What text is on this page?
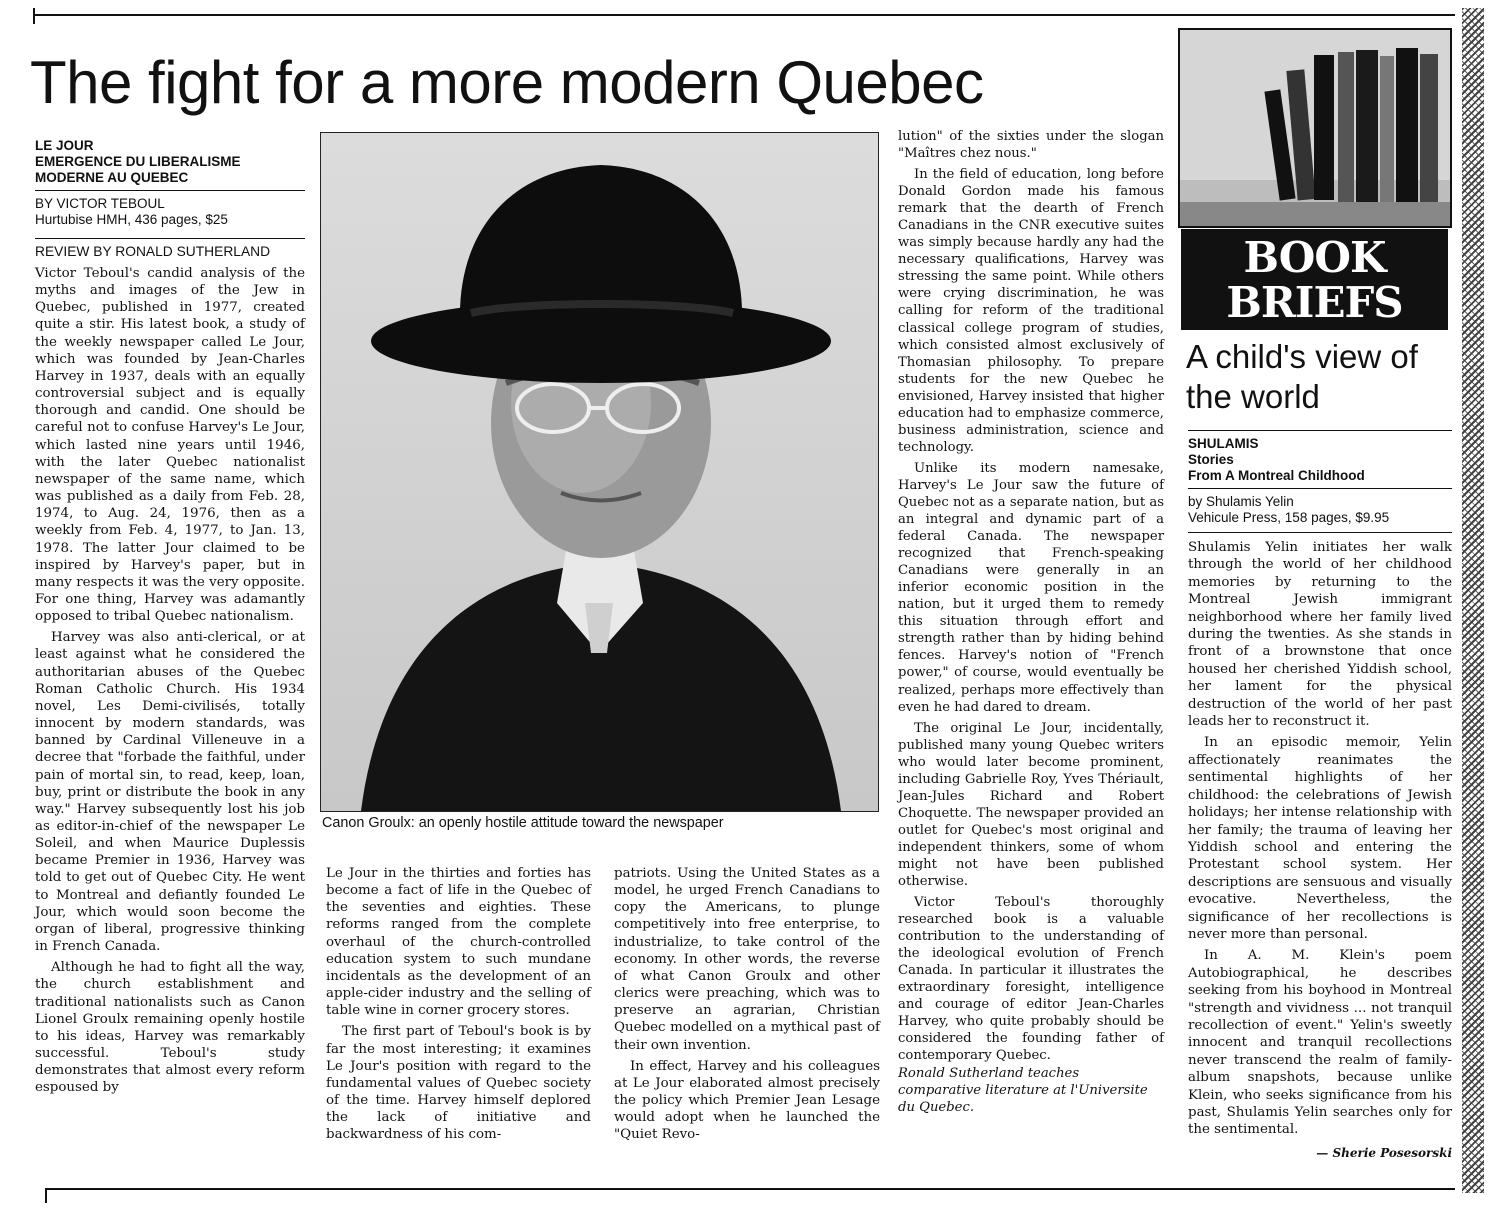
The fight for a more modern Quebec
LE JOUR
EMERGENCE DU LIBERALISME
MODERNE AU QUEBEC
BY VICTOR TEBOUL
Hurtubise HMH, 436 pages, $25
REVIEW BY RONALD SUTHERLAND

Victor Teboul's candid analysis of the myths and images of the Jew in Quebec, published in 1977, created quite a stir. His latest book, a study of the weekly newspaper called Le Jour, which was founded by Jean-Charles Harvey in 1937, deals with an equally controversial subject and is equally thorough and candid. One should be careful not to confuse Harvey's Le Jour, which lasted nine years until 1946, with the later Quebec nationalist newspaper of the same name, which was published as a daily from Feb. 28, 1974, to Aug. 24, 1976, then as a weekly from Feb. 4, 1977, to Jan. 13, 1978. The latter Jour claimed to be inspired by Harvey's paper, but in many respects it was the very opposite. For one thing, Harvey was adamantly opposed to tribal Quebec nationalism.

Harvey was also anti-clerical, or at least against what he considered the authoritarian abuses of the Quebec Roman Catholic Church. His 1934 novel, Les Demi-civilisés, totally innocent by modern standards, was banned by Cardinal Villeneuve in a decree that "forbade the faithful, under pain of mortal sin, to read, keep, loan, buy, print or distribute the book in any way." Harvey subsequently lost his job as editor-in-chief of the newspaper Le Soleil, and when Maurice Duplessis became Premier in 1936, Harvey was told to get out of Quebec City. He went to Montreal and defiantly founded Le Jour, which would soon become the organ of liberal, progressive thinking in French Canada.

Although he had to fight all the way, the church establishment and traditional nationalists such as Canon Lionel Groulx remaining openly hostile to his ideas, Harvey was remarkably successful. Teboul's study demonstrates that almost every reform espoused by

Canon Groulx: an openly hostile attitude toward the newspaper

Le Jour in the thirties and forties has become a fact of life in the Quebec of the seventies and eighties. These reforms ranged from the complete overhaul of the church-controlled education system to such mundane incidentals as the development of an apple-cider industry and the selling of table wine in corner grocery stores.

The first part of Teboul's book is by far the most interesting; it examines Le Jour's position with regard to the fundamental values of Quebec society of the time. Harvey himself deplored the lack of initiative and backwardness of his com-

patriots. Using the United States as a model, he urged French Canadians to copy the Americans, to plunge competitively into free enterprise, to industrialize, to take control of the economy. In other words, the reverse of what Canon Groulx and other clerics were preaching, which was to preserve an agrarian, Christian Quebec modelled on a mythical past of their own invention.

In effect, Harvey and his colleagues at Le Jour elaborated almost precisely the policy which Premier Jean Lesage would adopt when he launched the "Quiet Revo-

lution" of the sixties under the slogan "Maîtres chez nous."

In the field of education, long before Donald Gordon made his famous remark that the dearth of French Canadians in the CNR executive suites was simply because hardly any had the necessary qualifications, Harvey was stressing the same point. While others were crying discrimination, he was calling for reform of the traditional classical college program of studies, which consisted almost exclusively of Thomasian philosophy. To prepare students for the new Quebec he envisioned, Harvey insisted that higher education had to emphasize commerce, business administration, science and technology.

Unlike its modern namesake, Harvey's Le Jour saw the future of Quebec not as a separate nation, but as an integral and dynamic part of a federal Canada. The newspaper recognized that French-speaking Canadians were generally in an inferior economic position in the nation, but it urged them to remedy this situation through effort and strength rather than by hiding behind fences. Harvey's notion of "French power," of course, would eventually be realized, perhaps more effectively than even he had dared to dream.

The original Le Jour, incidentally, published many young Quebec writers who would later become prominent, including Gabrielle Roy, Yves Thériault, Jean-Jules Richard and Robert Choquette. The newspaper provided an outlet for Quebec's most original and independent thinkers, some of whom might not have been published otherwise.

Victor Teboul's thoroughly researched book is a valuable contribution to the understanding of the ideological evolution of French Canada. In particular it illustrates the extraordinary foresight, intelligence and courage of editor Jean-Charles Harvey, who quite probably should be considered the founding father of contemporary Quebec.

Ronald Sutherland teaches comparative literature at l'Universite du Quebec.

BOOK
BRIEFS
A child's view of the world
SHULAMIS
Stories
From A Montreal Childhood
by Shulamis Yelin
Vehicule Press, 158 pages, $9.95

Shulamis Yelin initiates her walk through the world of her childhood memories by returning to the Montreal Jewish immigrant neighborhood where her family lived during the twenties. As she stands in front of a brownstone that once housed her cherished Yiddish school, her lament for the physical destruction of the world of her past leads her to reconstruct it.

In an episodic memoir, Yelin affectionately reanimates the sentimental highlights of her childhood: the celebrations of Jewish holidays; her intense relationship with her family; the trauma of leaving her Yiddish school and entering the Protestant school system. Her descriptions are sensuous and visually evocative. Nevertheless, the significance of her recollections is never more than personal.

In A. M. Klein's poem Autobiographical, he describes seeking from his boyhood in Montreal "strength and vividness ... not tranquil recollection of event." Yelin's sweetly innocent and tranquil recollections never transcend the realm of family-album snapshots, because unlike Klein, who seeks significance from his past, Shulamis Yelin searches only for the sentimental.

— Sherie Posesorski
